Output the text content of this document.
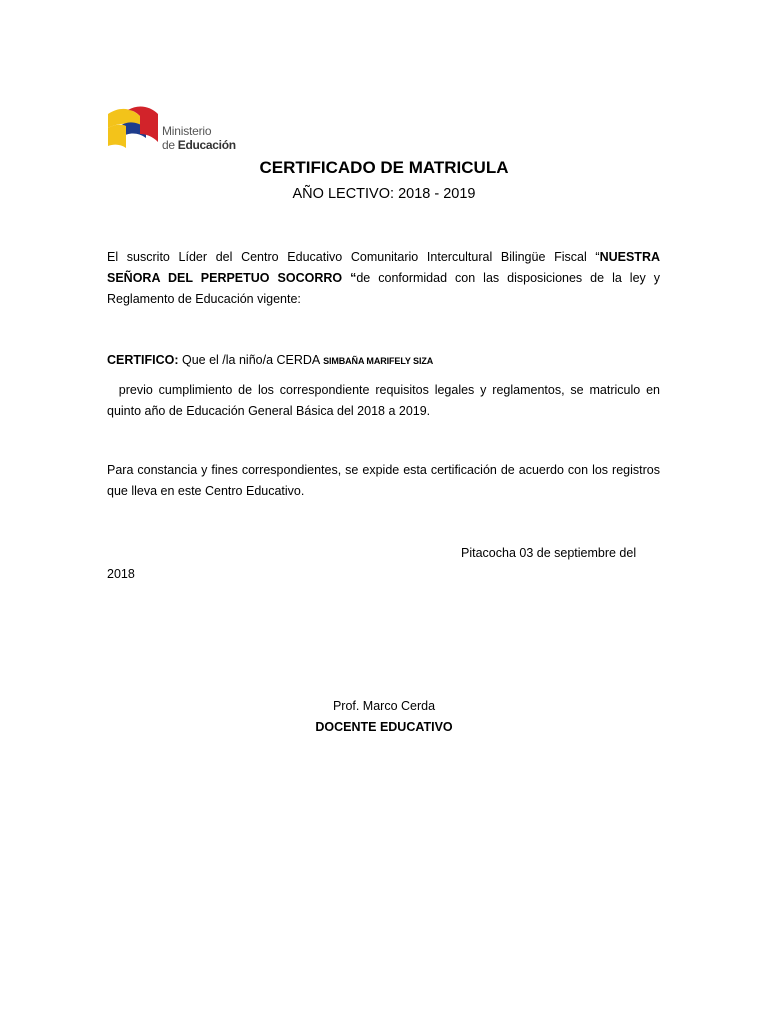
Ministerio
de Educación
CERTIFICADO DE MATRICULA
AÑO LECTIVO: 2018 - 2019
El suscrito Líder del Centro Educativo Comunitario Intercultural Bilingüe Fiscal “NUESTRA SEÑORA DEL PERPETUO SOCORRO “de conformidad con las disposiciones de la ley y Reglamento de Educación vigente:
CERTIFICO: Que el /la niño/a CERDA SIMBAÑA MARIFELY SIZA
previo cumplimiento de los correspondiente requisitos legales y reglamentos, se matriculo en quinto año de Educación General Básica del 2018 a 2019.
Para constancia y fines correspondientes, se expide esta certificación de acuerdo con los registros que lleva en este Centro Educativo.
Pitacocha 03 de septiembre del
2018
Prof. Marco Cerda
DOCENTE EDUCATIVO
